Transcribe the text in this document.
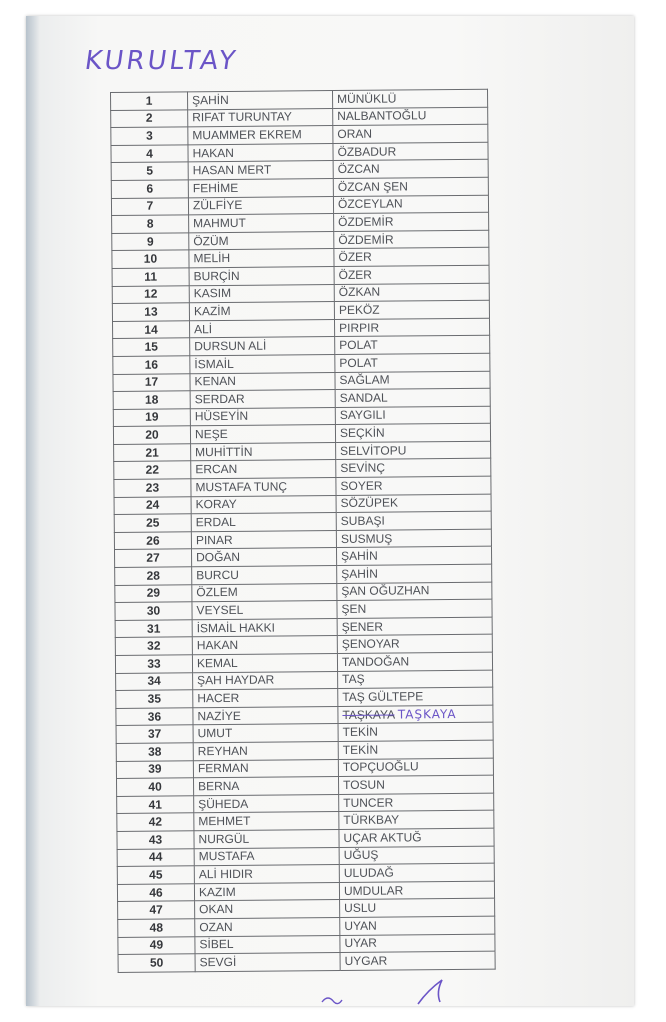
KURULTAY
1	ŞAHİN	MÜNÜKLÜ
2	RIFAT TURUNTAY	NALBANTOĞLU
3	MUAMMER EKREM	ORAN
4	HAKAN	ÖZBADUR
5	HASAN MERT	ÖZCAN
6	FEHİME	ÖZCAN ŞEN
7	ZÜLFİYE	ÖZCEYLAN
8	MAHMUT	ÖZDEMİR
9	ÖZÜM	ÖZDEMİR
10	MELİH	ÖZER
11	BURÇİN	ÖZER
12	KASIM	ÖZKAN
13	KAZİM	PEKÖZ
14	ALİ	PIRPIR
15	DURSUN ALİ	POLAT
16	İSMAİL	POLAT
17	KENAN	SAĞLAM
18	SERDAR	SANDAL
19	HÜSEYİN	SAYGILI
20	NEŞE	SEÇKİN
21	MUHİTTİN	SELVİTOPU
22	ERCAN	SEVİNÇ
23	MUSTAFA TUNÇ	SOYER
24	KORAY	SÖZÜPEK
25	ERDAL	SUBAŞI
26	PINAR	SUSMUŞ
27	DOĞAN	ŞAHİN
28	BURCU	ŞAHİN
29	ÖZLEM	ŞAN OĞUZHAN
30	VEYSEL	ŞEN
31	İSMAİL HAKKI	ŞENER
32	HAKAN	ŞENOYAR
33	KEMAL	TANDOĞAN
34	ŞAH HAYDAR	TAŞ
35	HACER	TAŞ GÜLTEPE
36	NAZİYE	TAŞKAYA TAŞKAYA
37	UMUT	TEKİN
38	REYHAN	TEKİN
39	FERMAN	TOPÇUOĞLU
40	BERNA	TOSUN
41	ŞÜHEDA	TUNCER
42	MEHMET	TÜRKBAY
43	NURGÜL	UÇAR AKTUĞ
44	MUSTAFA	UĞUŞ
45	ALİ HIDIR	ULUDAĞ
46	KAZIM	UMDULAR
47	OKAN	USLU
48	OZAN	UYAN
49	SİBEL	UYAR
50	SEVGİ	UYGAR
